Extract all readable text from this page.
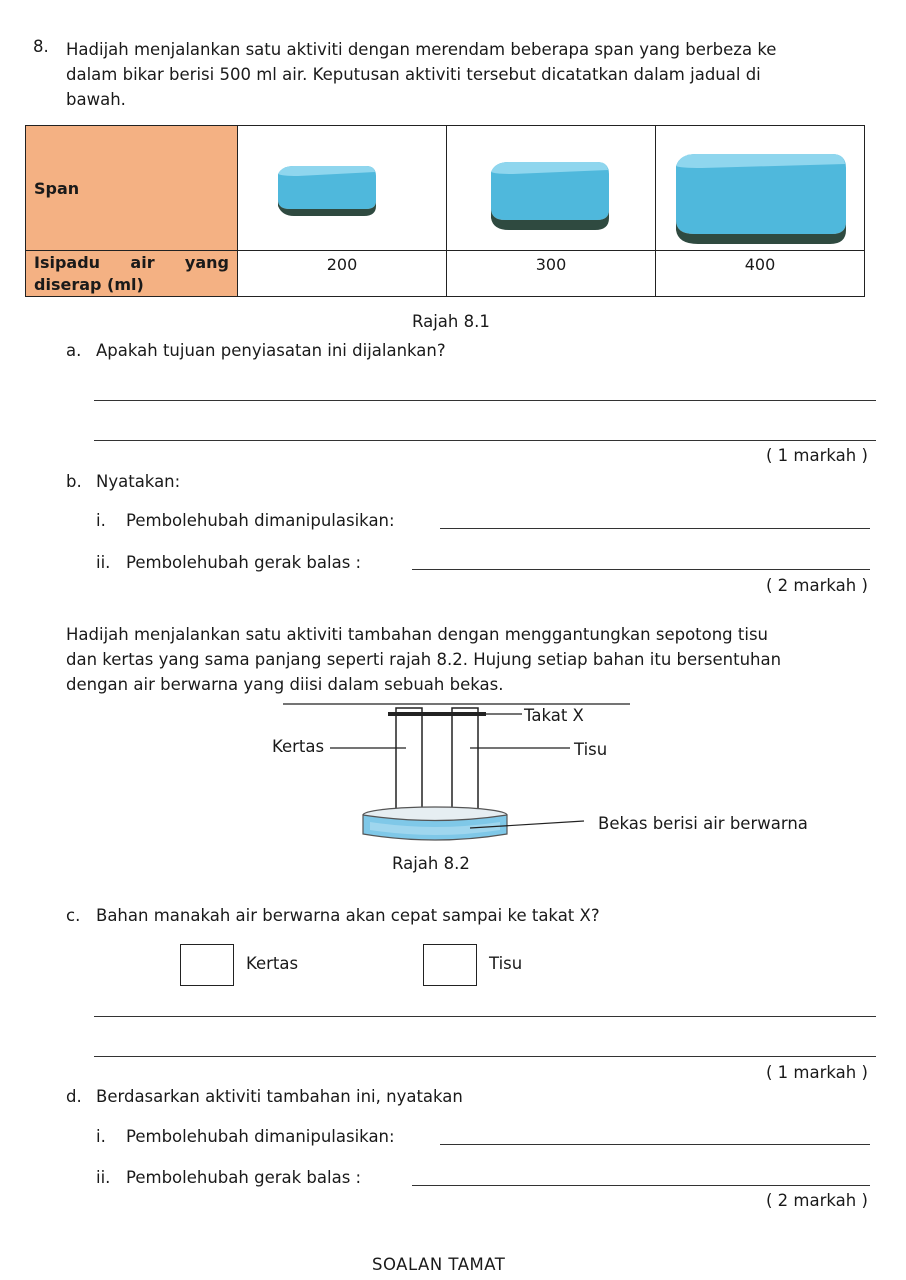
8. Hadijah menjalankan satu aktiviti dengan merendam beberapa span yang berbeza ke
dalam bikar berisi 500 ml air. Keputusan aktiviti tersebut dicatatkan dalam jadual di
bawah.
Span			

Isipadu air yang
diserap (ml)	200	300	400
Rajah 8.1
a. Apakah tujuan penyiasatan ini dijalankan?
( 1 markah )
b. Nyatakan:
i. Pembolehubah dimanipulasikan:
ii. Pembolehubah gerak balas :
( 2 markah )
Hadijah menjalankan satu aktiviti tambahan dengan menggantungkan sepotong tisu
dan kertas yang sama panjang seperti rajah 8.2. Hujung setiap bahan itu bersentuhan
dengan air berwarna yang diisi dalam sebuah bekas.
Takat X
Kertas	Tisu
Bekas berisi air berwarna
Rajah 8.2
c. Bahan manakah air berwarna akan cepat sampai ke takat X?
Kertas	Tisu
( 1 markah )
d. Berdasarkan aktiviti tambahan ini, nyatakan
i. Pembolehubah dimanipulasikan:
ii. Pembolehubah gerak balas :
( 2 markah )
SOALAN TAMAT
